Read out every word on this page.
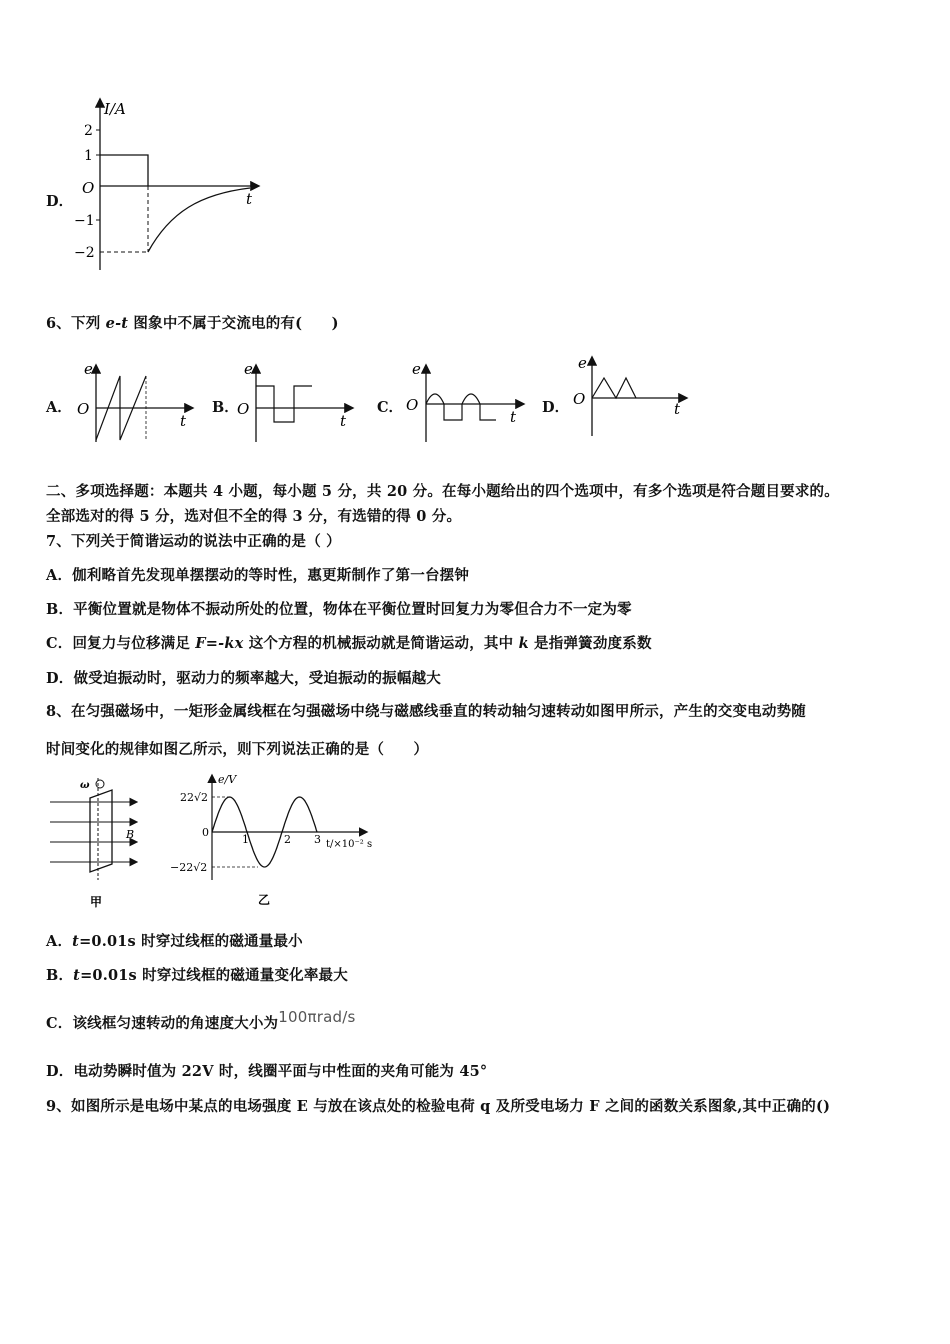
D．
I/A
t
O
2
1
−1
−2
6、下列 e-t 图象中不属于交流电的有(　　)
A．
e
O
t
B．
e
O
t
C．
e
O
t
D．
e
O
t
二、多项选择题：本题共 4 小题，每小题 5 分，共 20 分。在每小题给出的四个选项中，有多个选项是符合题目要求的。
全部选对的得 5 分，选对但不全的得 3 分，有选错的得 0 分。
7、下列关于简谐运动的说法中正确的是（ ）
A．伽利略首先发现单摆摆动的等时性，惠更斯制作了第一台摆钟
B．平衡位置就是物体不振动所处的位置，物体在平衡位置时回复力为零但合力不一定为零
C．回复力与位移满足 F=-kx 这个方程的机械振动就是简谐运动，其中 k 是指弹簧劲度系数
D．做受迫振动时，驱动力的频率越大，受迫振动的振幅越大
8、在匀强磁场中，一矩形金属线框在匀强磁场中绕与磁感线垂直的转动轴匀速转动如图甲所示，产生的交变电动势随
时间变化的规律如图乙所示，则下列说法正确的是（　　）
ω
B
甲
e/V
t/×10⁻² s
0
22√2
−22√2
1	2 3
乙
A．t=0.01s 时穿过线框的磁通量最小
B．t=0.01s 时穿过线框的磁通量变化率最大
C．该线框匀速转动的角速度大小为100πrad/s
D．电动势瞬时值为 22V 时，线圈平面与中性面的夹角可能为 45°
9、如图所示是电场中某点的电场强度 E 与放在该点处的检验电荷 q 及所受电场力 F 之间的函数关系图象,其中正确的()
